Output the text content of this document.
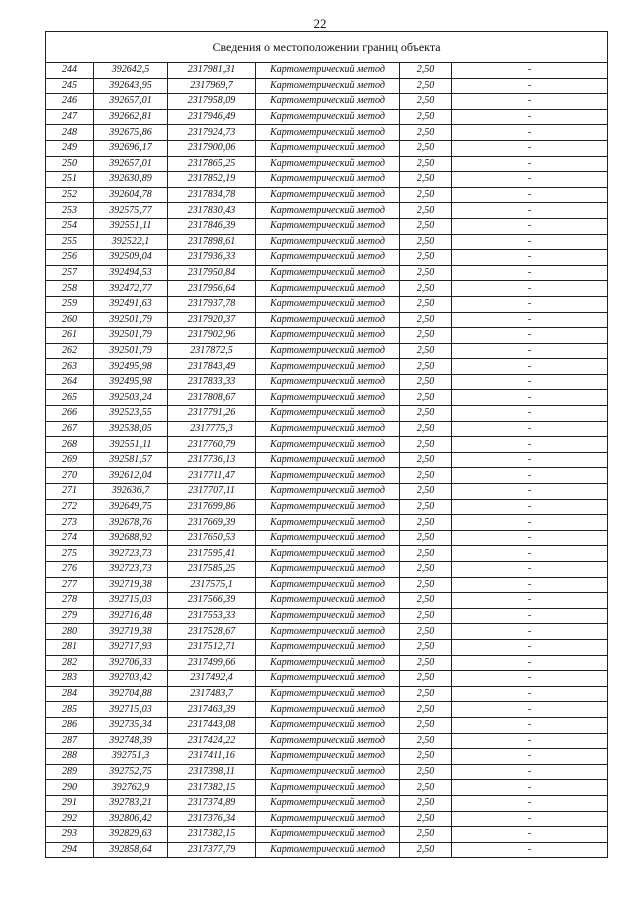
22
Сведения о местоположении границ объекта					
244	392642,5	2317981,31	Картометрический метод	2,50	-
245	392643,95	2317969,7	Картометрический метод	2,50	-
246	392657,01	2317958,09	Картометрический метод	2,50	-
247	392662,81	2317946,49	Картометрический метод	2,50	-
248	392675,86	2317924,73	Картометрический метод	2,50	-
249	392696,17	2317900,06	Картометрический метод	2,50	-
250	392657,01	2317865,25	Картометрический метод	2,50	-
251	392630,89	2317852,19	Картометрический метод	2,50	-
252	392604,78	2317834,78	Картометрический метод	2,50	-
253	392575,77	2317830,43	Картометрический метод	2,50	-
254	392551,11	2317846,39	Картометрический метод	2,50	-
255	392522,1	2317898,61	Картометрический метод	2,50	-
256	392509,04	2317936,33	Картометрический метод	2,50	-
257	392494,53	2317950,84	Картометрический метод	2,50	-
258	392472,77	2317956,64	Картометрический метод	2,50	-
259	392491,63	2317937,78	Картометрический метод	2,50	-
260	392501,79	2317920,37	Картометрический метод	2,50	-
261	392501,79	2317902,96	Картометрический метод	2,50	-
262	392501,79	2317872,5	Картометрический метод	2,50	-
263	392495,98	2317843,49	Картометрический метод	2,50	-
264	392495,98	2317833,33	Картометрический метод	2,50	-
265	392503,24	2317808,67	Картометрический метод	2,50	-
266	392523,55	2317791,26	Картометрический метод	2,50	-
267	392538,05	2317775,3	Картометрический метод	2,50	-
268	392551,11	2317760,79	Картометрический метод	2,50	-
269	392581,57	2317736,13	Картометрический метод	2,50	-
270	392612,04	2317711,47	Картометрический метод	2,50	-
271	392636,7	2317707,11	Картометрический метод	2,50	-
272	392649,75	2317699,86	Картометрический метод	2,50	-
273	392678,76	2317669,39	Картометрический метод	2,50	-
274	392688,92	2317650,53	Картометрический метод	2,50	-
275	392723,73	2317595,41	Картометрический метод	2,50	-
276	392723,73	2317585,25	Картометрический метод	2,50	-
277	392719,38	2317575,1	Картометрический метод	2,50	-
278	392715,03	2317566,39	Картометрический метод	2,50	-
279	392716,48	2317553,33	Картометрический метод	2,50	-
280	392719,38	2317528,67	Картометрический метод	2,50	-
281	392717,93	2317512,71	Картометрический метод	2,50	-
282	392706,33	2317499,66	Картометрический метод	2,50	-
283	392703,42	2317492,4	Картометрический метод	2,50	-
284	392704,88	2317483,7	Картометрический метод	2,50	-
285	392715,03	2317463,39	Картометрический метод	2,50	-
286	392735,34	2317443,08	Картометрический метод	2,50	-
287	392748,39	2317424,22	Картометрический метод	2,50	-
288	392751,3	2317411,16	Картометрический метод	2,50	-
289	392752,75	2317398,11	Картометрический метод	2,50	-
290	392762,9	2317382,15	Картометрический метод	2,50	-
291	392783,21	2317374,89	Картометрический метод	2,50	-
292	392806,42	2317376,34	Картометрический метод	2,50	-
293	392829,63	2317382,15	Картометрический метод	2,50	-
294	392858,64	2317377,79	Картометрический метод	2,50	-
